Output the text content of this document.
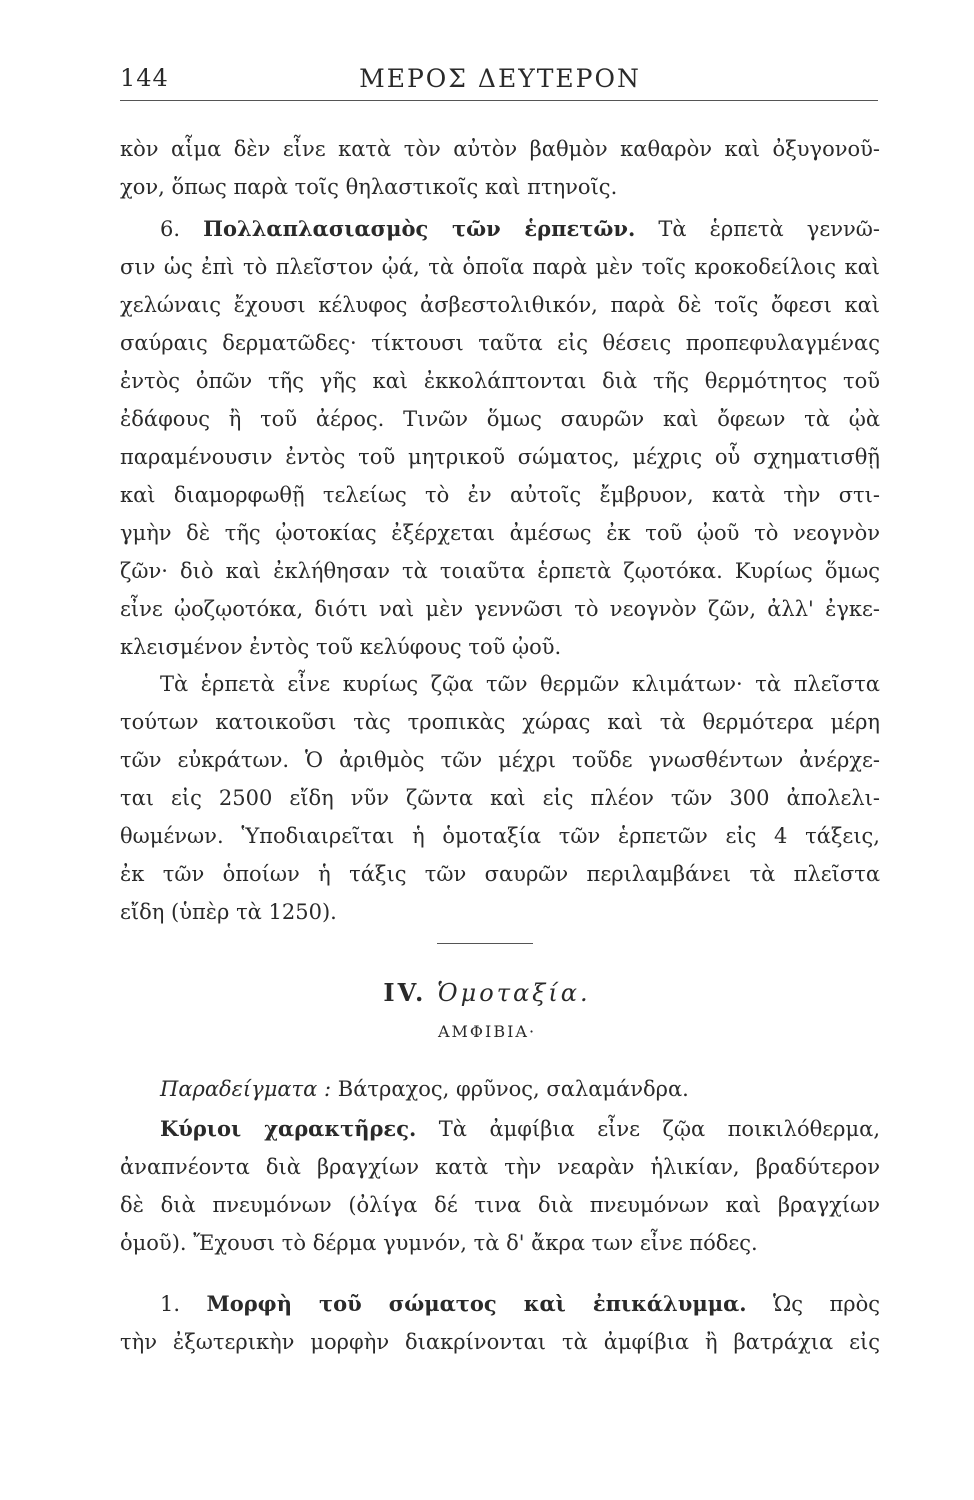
144	ΜΕΡΟΣ ΔΕΥΤΕΡΟΝ
κὸν αἷμα δὲν εἶνε κατὰ τὸν αὐτὸν βαθμὸν καθαρὸν καὶ ὀξυγονοῦ-
χον, ὅπως παρὰ τοῖς θηλαστικοῖς καὶ πτηνοῖς.
6. Πολλαπλασιασμὸς τῶν ἑρπετῶν. Τὰ ἑρπετὰ γεννῶ-
σιν ὡς ἐπὶ τὸ πλεῖστον ᾠά, τὰ ὁποῖα παρὰ μὲν τοῖς κροκοδείλοις καὶ
χελώναις ἔχουσι κέλυφος ἀσβεστολιθικόν, παρὰ δὲ τοῖς ὄφεσι καὶ
σαύραις δερματῶδες· τίκτουσι ταῦτα εἰς θέσεις προπεφυλαγμένας
ἐντὸς ὀπῶν τῆς γῆς καὶ ἐκκολάπτονται διὰ τῆς θερμότητος τοῦ
ἐδάφους ἢ τοῦ ἀέρος. Τινῶν ὅμως σαυρῶν καὶ ὄφεων τὰ ᾠὰ
παραμένουσιν ἐντὸς τοῦ μητρικοῦ σώματος, μέχρις οὗ σχηματισθῇ
καὶ διαμορφωθῇ τελείως τὸ ἐν αὐτοῖς ἔμβρυον, κατὰ τὴν στι-
γμὴν δὲ τῆς ᾠοτοκίας ἐξέρχεται ἀμέσως ἐκ τοῦ ᾠοῦ τὸ νεογνὸν
ζῶν· διὸ καὶ ἐκλήθησαν τὰ τοιαῦτα ἑρπετὰ ζῳοτόκα. Κυρίως ὅμως
εἶνε ᾠοζῳοτόκα, διότι ναὶ μὲν γεννῶσι τὸ νεογνὸν ζῶν, ἀλλ' ἐγκε-
κλεισμένον ἐντὸς τοῦ κελύφους τοῦ ᾠοῦ.
Τὰ ἑρπετὰ εἶνε κυρίως ζῷα τῶν θερμῶν κλιμάτων· τὰ πλεῖστα
τούτων κατοικοῦσι τὰς τροπικὰς χώρας καὶ τὰ θερμότερα μέρη
τῶν εὐκράτων. Ὁ ἀριθμὸς τῶν μέχρι τοῦδε γνωσθέντων ἀνέρχε-
ται εἰς 2500 εἴδη νῦν ζῶντα καὶ εἰς πλέον τῶν 300 ἀπολελι-
θωμένων. Ὑποδιαιρεῖται ἡ ὁμοταξία τῶν ἑρπετῶν εἰς 4 τάξεις,
ἐκ τῶν ὁποίων ἡ τάξις τῶν σαυρῶν περιλαμβάνει τὰ πλεῖστα
εἴδη (ὑπὲρ τὰ 1250).
IV. Ὁμοταξία.
ΑΜΦΙΒΙΑ·
Παραδείγματα : Βάτραχος, φρῦνος, σαλαμάνδρα.
Κύριοι χαρακτῆρες. Τὰ ἀμφίβια εἶνε ζῷα ποικιλόθερμα,
ἀναπνέοντα διὰ βραγχίων κατὰ τὴν νεαρὰν ἡλικίαν, βραδύτερον
δὲ διὰ πνευμόνων (ὀλίγα δέ τινα διὰ πνευμόνων καὶ βραγχίων
ὁμοῦ). Ἔχουσι τὸ δέρμα γυμνόν, τὰ δ' ἄκρα των εἶνε πόδες.
1. Μορφὴ τοῦ σώματος καὶ ἐπικάλυμμα. Ὡς πρὸς
τὴν ἐξωτερικὴν μορφὴν διακρίνονται τὰ ἀμφίβια ἢ βατράχια εἰς
